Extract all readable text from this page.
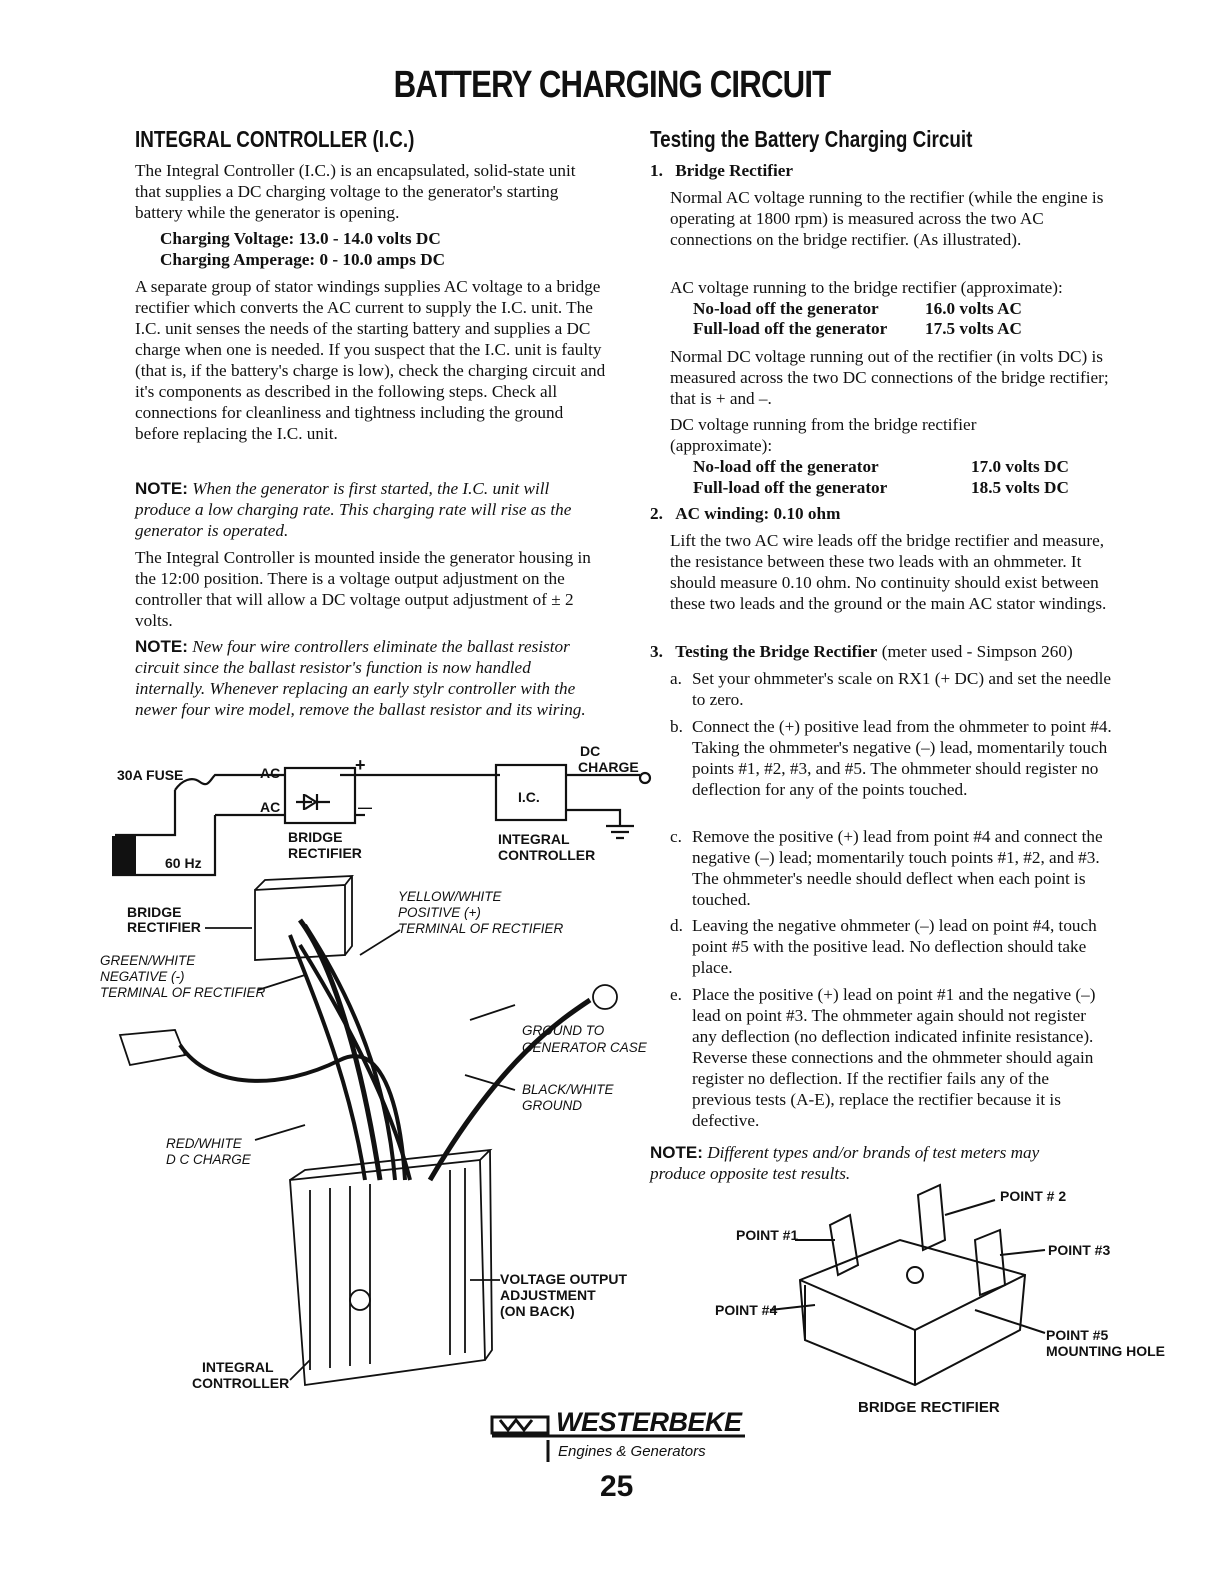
BATTERY CHARGING CIRCUIT
INTEGRAL CONTROLLER (I.C.)
The Integral Controller (I.C.) is an encapsulated, solid-state unit that supplies a DC charging voltage to the generator's starting battery while the generator is opening.
Charging Voltage: 13.0 - 14.0 volts DC
Charging Amperage: 0 - 10.0 amps DC
A separate group of stator windings supplies AC voltage to a bridge rectifier which converts the AC current to supply the I.C. unit. The I.C. unit senses the needs of the starting battery and supplies a DC charge when one is needed. If you suspect that the I.C. unit is faulty (that is, if the battery's charge is low), check the charging circuit and it's components as described in the following steps. Check all connections for cleanliness and tightness including the ground before replacing the I.C. unit.
NOTE: When the generator is first started, the I.C. unit will produce a low charging rate. This charging rate will rise as the generator is operated.
The Integral Controller is mounted inside the generator housing in the 12:00 position. There is a voltage output adjustment on the controller that will allow a DC voltage output adjustment of ± 2 volts.
NOTE: New four wire controllers eliminate the ballast resistor circuit since the ballast resistor's function is now handled internally. Whenever replacing an early stylr controller with the newer four wire model, remove the ballast resistor and its wiring.
30A FUSE	AC
AC
+
—
DC
CHARGE
I.C.
60 Hz
BRIDGE
RECTIFIER
INTEGRAL
CONTROLLER
BRIDGE
RECTIFIER
YELLOW/WHITE
POSITIVE (+)
TERMINAL OF RECTIFIER
GREEN/WHITE
NEGATIVE (-)
TERMINAL OF RECTIFIER
GROUND TO
GENERATOR CASE
BLACK/WHITE
GROUND
RED/WHITE
D C CHARGE
VOLTAGE OUTPUT
ADJUSTMENT
(ON BACK)
INTEGRAL
CONTROLLER
Testing the Battery Charging Circuit
1. Bridge Rectifier
Normal AC voltage running to the rectifier (while the engine is operating at 1800 rpm) is measured across the two AC connections on the bridge rectifier. (As illustrated).
AC voltage running to the bridge rectifier (approximate):
No-load off the generator	16.0 volts AC
Full-load off the generator 17.5 volts AC
Normal DC voltage running out of the rectifier (in volts DC) is measured across the two DC connections of the bridge rectifier; that is + and –.
DC voltage running from the bridge rectifier (approximate):
No-load off the generator	17.0 volts DC
Full-load off the generator	18.5 volts DC
2. AC winding: 0.10 ohm
Lift the two AC wire leads off the bridge rectifier and measure, the resistance between these two leads with an ohmmeter. It should measure 0.10 ohm. No continuity should exist between these two leads and the ground or the main AC stator windings.
3. Testing the Bridge Rectifier (meter used - Simpson 260)
a. Set your ohmmeter's scale on RX1 (+ DC) and set the needle to zero.
b. Connect the (+) positive lead from the ohmmeter to point #4. Taking the ohmmeter's negative (–) lead, momentarily touch points #1, #2, #3, and #5. The ohmmeter should register no deflection for any of the points touched.
c. Remove the positive (+) lead from point #4 and connect the negative (–) lead; momentarily touch points #1, #2, and #3. The ohmmeter's needle should deflect when each point is touched.
d. Leaving the negative ohmmeter (–) lead on point #4, touch point #5 with the positive lead. No deflection should take place.
e. Place the positive (+) lead on point #1 and the negative (–) lead on point #3. The ohmmeter again should not register any deflection (no deflection indicated infinite resistance). Reverse these connections and the ohmmeter should again register no deflection. If the rectifier fails any of the previous tests (A-E), replace the rectifier because it is defective.
NOTE: Different types and/or brands of test meters may produce opposite test results.
POINT #1
POINT # 2
POINT #3
POINT #4
POINT #5
MOUNTING HOLE
BRIDGE RECTIFIER
WESTERBEKE
Engines & Generators
25
